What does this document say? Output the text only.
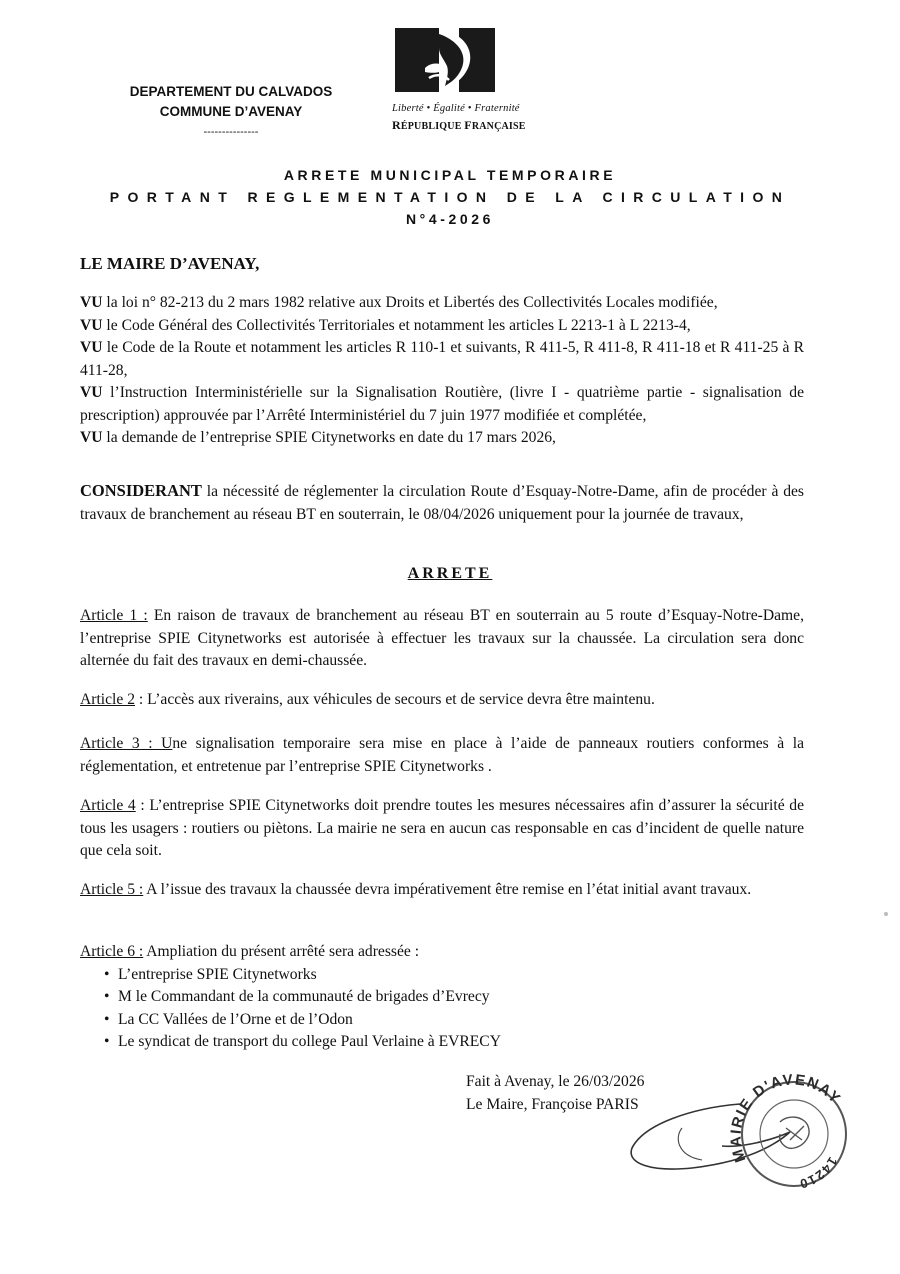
DEPARTEMENT DU CALVADOS
COMMUNE D’AVENAY
---------------
Liberté • Égalité • Fraternité
RÉPUBLIQUE FRANÇAISE
ARRETE MUNICIPAL TEMPORAIRE
PORTANT REGLEMENTATION DE LA CIRCULATION
N°4-2026
LE MAIRE D’AVENAY,

VU la loi n° 82-213 du 2 mars 1982 relative aux Droits et Libertés des Collectivités Locales modifiée,

VU le Code Général des Collectivités Territoriales et notamment les articles L 2213-1 à L 2213-4,

VU le Code de la Route et notamment les articles R 110-1 et suivants, R 411-5, R 411-8, R 411-18 et R 411-25 à R 411-28,

VU l’Instruction Interministérielle sur la Signalisation Routière, (livre I - quatrième partie - signalisation de prescription) approuvée par l’Arrêté Interministériel du 7 juin 1977 modifiée et complétée,

VU la demande de l’entreprise SPIE Citynetworks en date du 17 mars 2026,

CONSIDERANT la nécessité de réglementer la circulation Route d’Esquay-Notre-Dame, afin de procéder à des travaux de branchement au réseau BT en souterrain, le 08/04/2026 uniquement pour la journée de travaux,
ARRETE
Article 1 : En raison de travaux de branchement au réseau BT en souterrain au 5 route d’Esquay-Notre-Dame, l’entreprise SPIE Citynetworks est autorisée à effectuer les travaux sur la chaussée. La circulation sera donc alternée du fait des travaux en demi-chaussée.
Article 2 : L’accès aux riverains, aux véhicules de secours et de service devra être maintenu.
Article 3 : Une signalisation temporaire sera mise en place à l’aide de panneaux routiers conformes à la réglementation, et entretenue par l’entreprise SPIE Citynetworks .
Article 4 : L’entreprise SPIE Citynetworks doit prendre toutes les mesures nécessaires afin d’assurer la sécurité de tous les usagers : routiers ou piètons. La mairie ne sera en aucun cas responsable en cas d’incident de quelle nature que cela soit.
Article 5 : A l’issue des travaux la chaussée devra impérativement être remise en l’état initial avant travaux.
Article 6 : Ampliation du présent arrêté sera adressée :
• L’entreprise SPIE Citynetworks
• M le Commandant de la communauté de brigades d’Evrecy
• La CC Vallées de l’Orne et de l’Odon
• Le syndicat de transport du college Paul Verlaine à EVRECY
Fait à Avenay, le 26/03/2026
Le Maire, Françoise PARIS
MAIRIE D'AVENAY
14210
